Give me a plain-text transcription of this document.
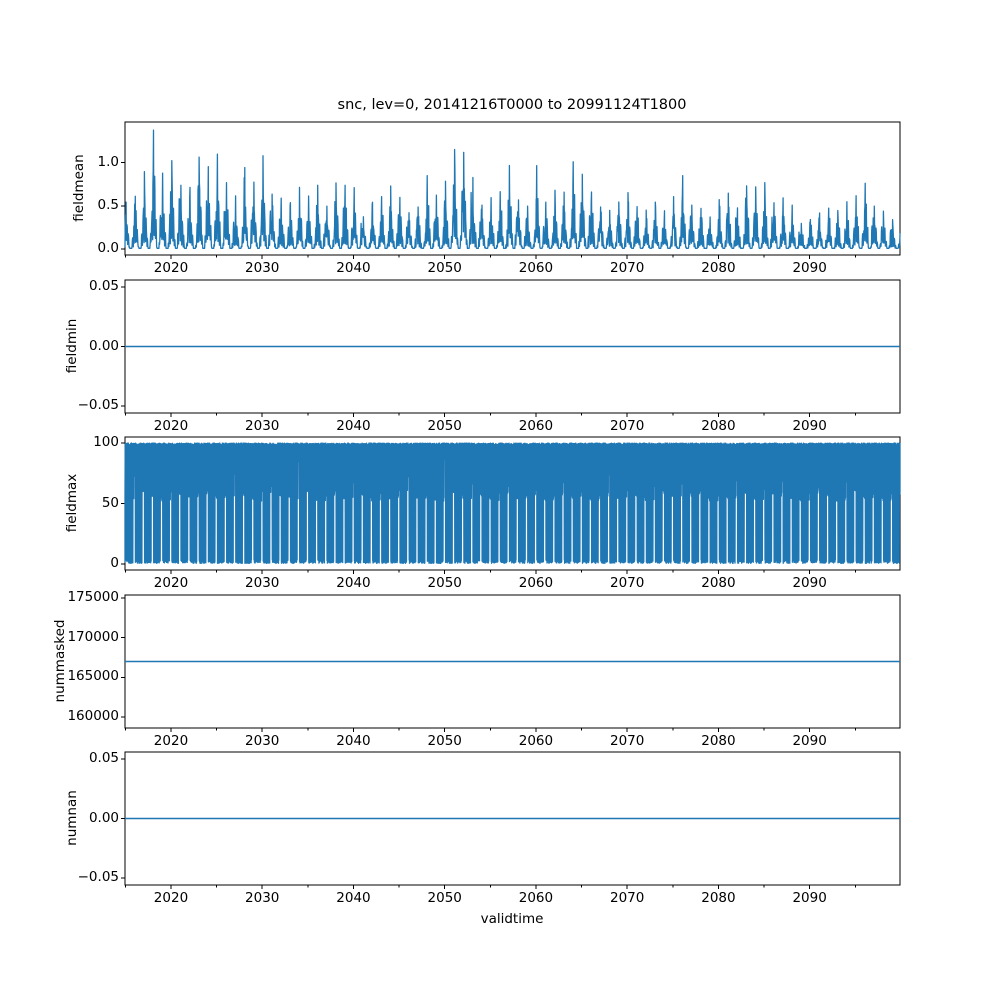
snc, lev=0, 20141216T0000 to 20991124T1800
fieldmean
fieldmin
fieldmax
nummasked
numnan
validtime
2020	2030	2040	2050	2060	2070	2080	2090
0.0
0.5
1.0
2020	2030	2040	2050	2060	2070	2080	2090
−0.05
0.00
0.05
2020	2030	2040	2050	2060	2070	2080	2090
0
50
100
2020	2030	2040	2050	2060	2070	2080	2090
160000
165000
170000
175000
2020	2030	2040	2050	2060	2070	2080	2090
−0.05
0.00
0.05
